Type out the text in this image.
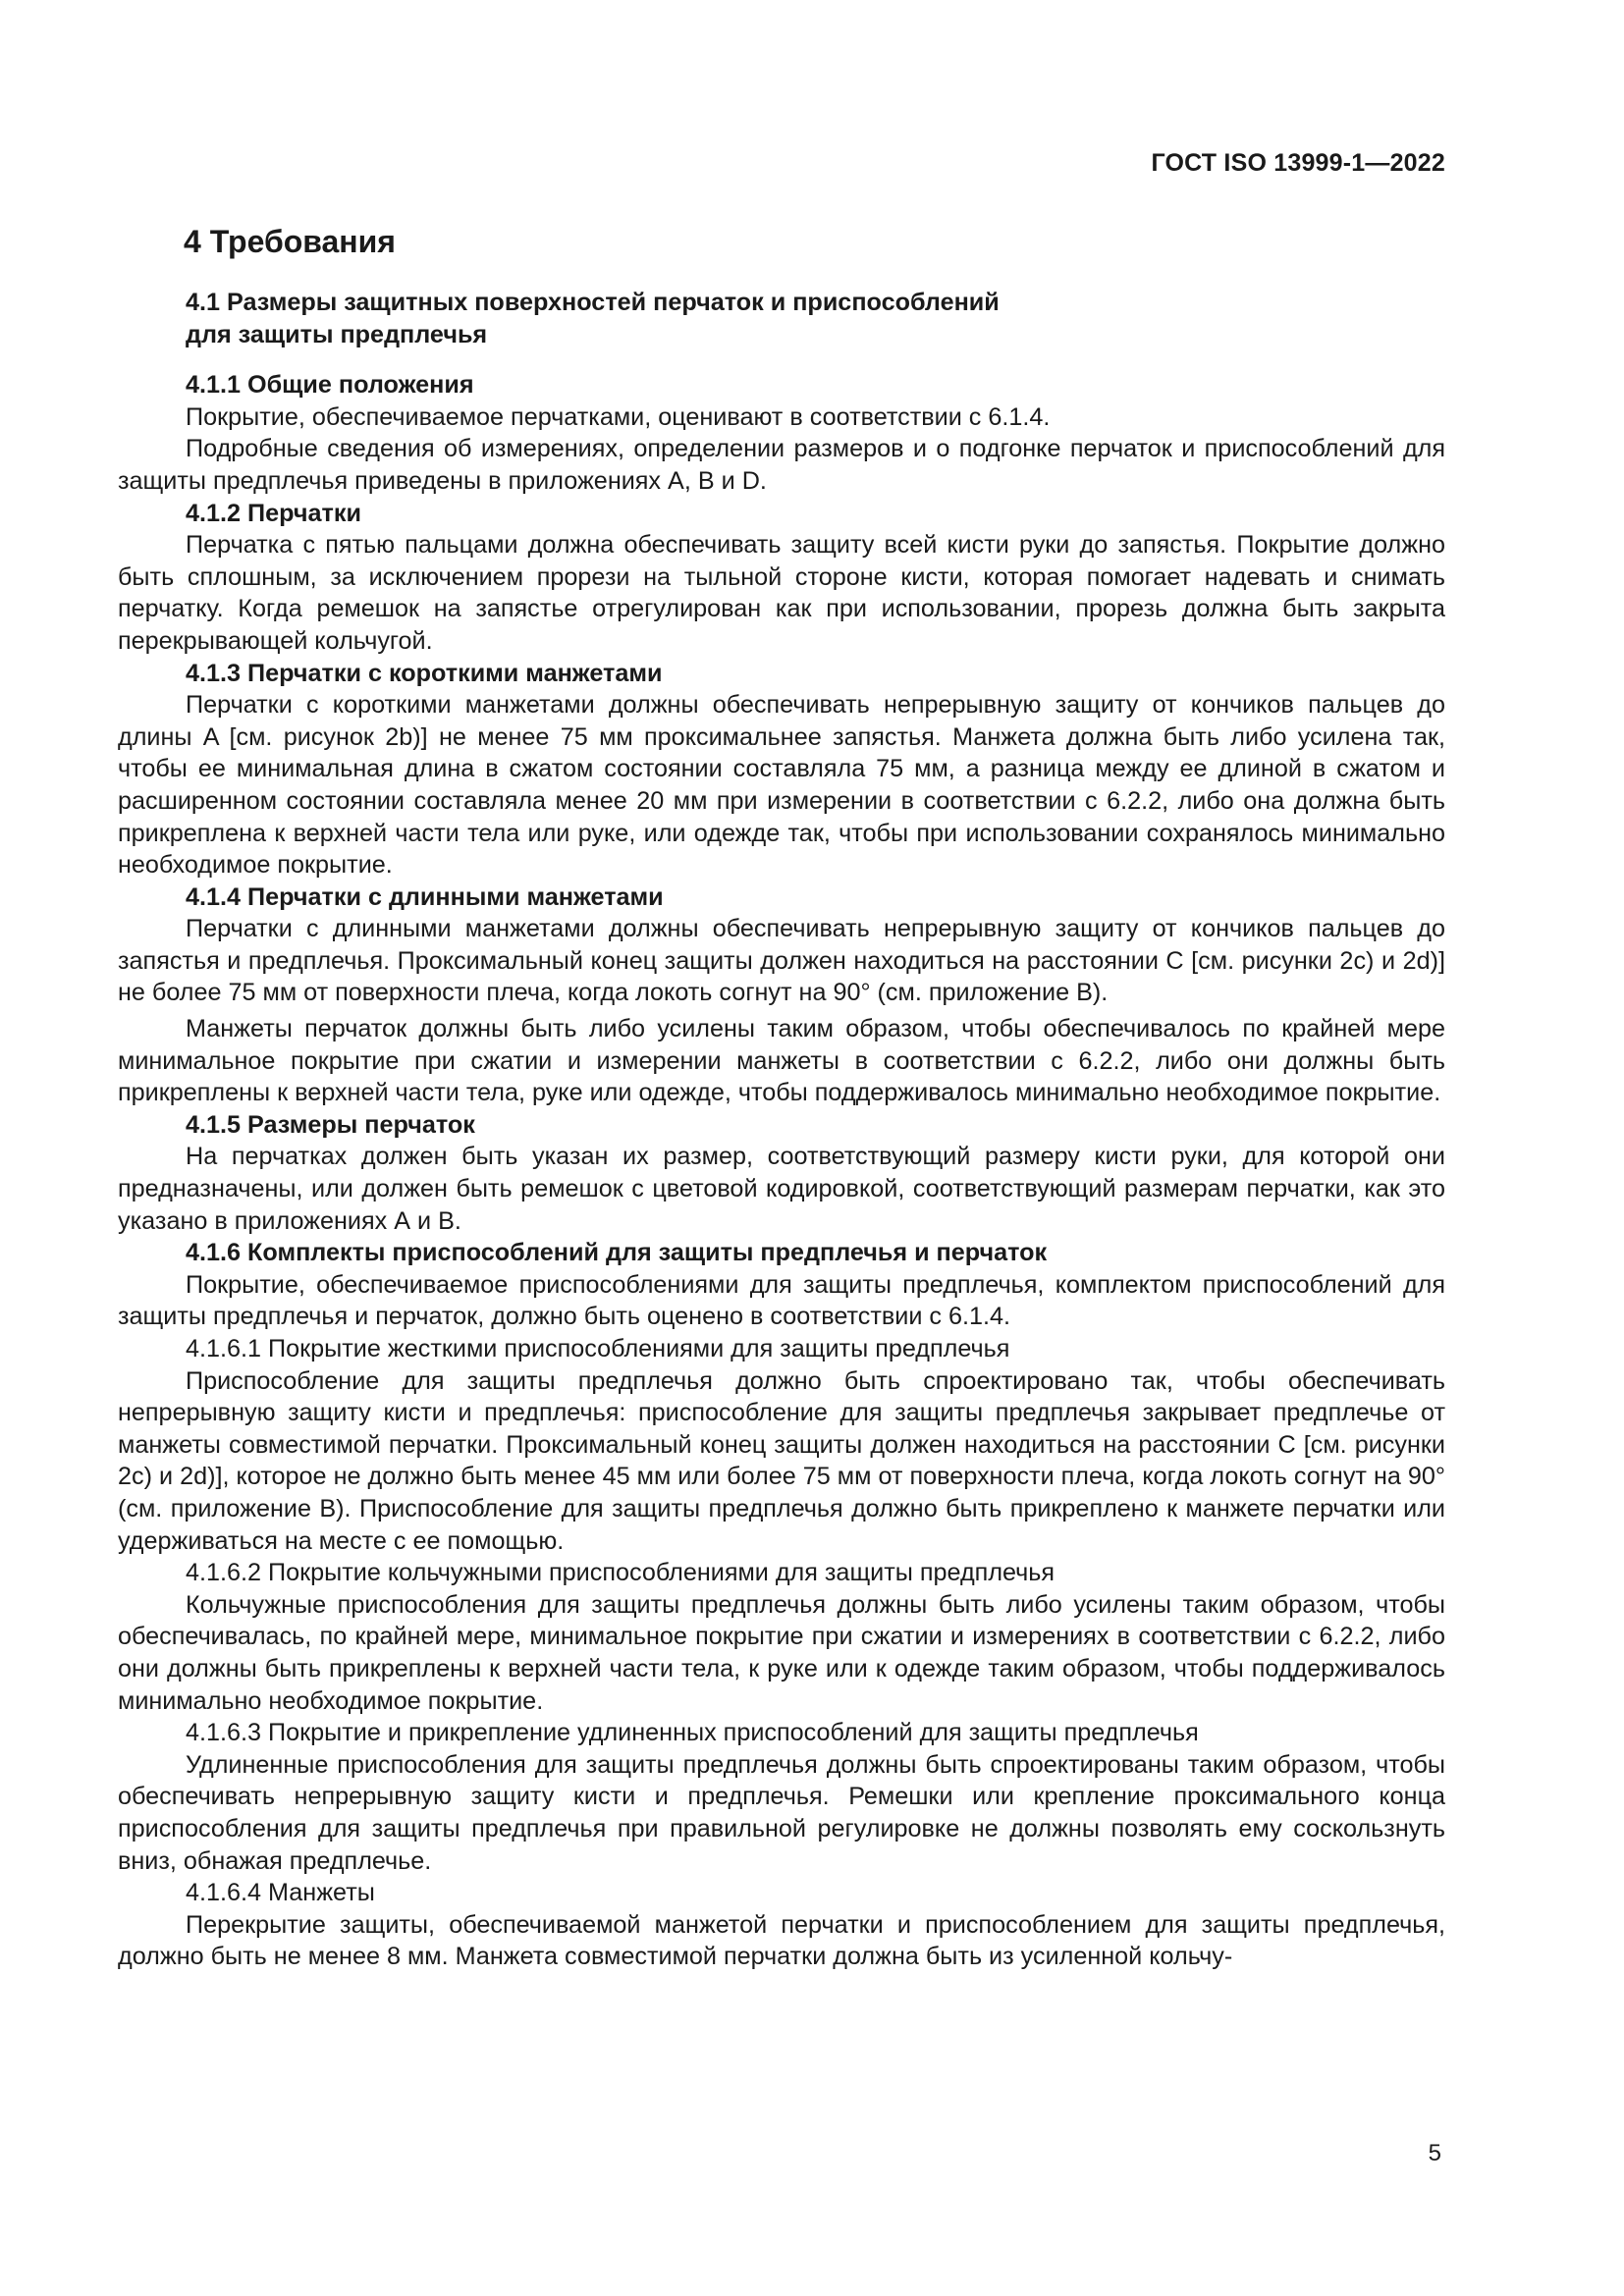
ГОСТ ISO 13999-1—2022
4 Требования
4.1 Размеры защитных поверхностей перчаток и приспособлений
для защиты предплечья
4.1.1 Общие положения

Покрытие, обеспечиваемое перчатками, оценивают в соответствии с 6.1.4.

Подробные сведения об измерениях, определении размеров и о подгонке перчаток и приспособлений для защиты предплечья приведены в приложениях А, В и D.

4.1.2 Перчатки

Перчатка с пятью пальцами должна обеспечивать защиту всей кисти руки до запястья. Покрытие должно быть сплошным, за исключением прорези на тыльной стороне кисти, которая помогает надевать и снимать перчатку. Когда ремешок на запястье отрегулирован как при использовании, прорезь должна быть закрыта перекрывающей кольчугой.

4.1.3 Перчатки с короткими манжетами

Перчатки с короткими манжетами должны обеспечивать непрерывную защиту от кончиков пальцев до длины A [см. рисунок 2b)] не менее 75 мм проксимальнее запястья. Манжета должна быть либо усилена так, чтобы ее минимальная длина в сжатом состоянии составляла 75 мм, а разница между ее длиной в сжатом и расширенном состоянии составляла менее 20 мм при измерении в соответствии с 6.2.2, либо она должна быть прикреплена к верхней части тела или руке, или одежде так, чтобы при использовании сохранялось минимально необходимое покрытие.

4.1.4 Перчатки с длинными манжетами

Перчатки с длинными манжетами должны обеспечивать непрерывную защиту от кончиков пальцев до запястья и предплечья. Проксимальный конец защиты должен находиться на расстоянии C [см. рисунки 2c) и 2d)] не более 75 мм от поверхности плеча, когда локоть согнут на 90° (см. приложение В).

Манжеты перчаток должны быть либо усилены таким образом, чтобы обеспечивалось по крайней мере минимальное покрытие при сжатии и измерении манжеты в соответствии с 6.2.2, либо они должны быть прикреплены к верхней части тела, руке или одежде, чтобы поддерживалось минимально необходимое покрытие.

4.1.5 Размеры перчаток

На перчатках должен быть указан их размер, соответствующий размеру кисти руки, для которой они предназначены, или должен быть ремешок с цветовой кодировкой, соответствующий размерам перчатки, как это указано в приложениях А и В.

4.1.6 Комплекты приспособлений для защиты предплечья и перчаток

Покрытие, обеспечиваемое приспособлениями для защиты предплечья, комплектом приспособлений для защиты предплечья и перчаток, должно быть оценено в соответствии с 6.1.4.

4.1.6.1 Покрытие жесткими приспособлениями для защиты предплечья

Приспособление для защиты предплечья должно быть спроектировано так, чтобы обеспечивать непрерывную защиту кисти и предплечья: приспособление для защиты предплечья закрывает предплечье от манжеты совместимой перчатки. Проксимальный конец защиты должен находиться на расстоянии C [см. рисунки 2c) и 2d)], которое не должно быть менее 45 мм или более 75 мм от поверхности плеча, когда локоть согнут на 90° (см. приложение В). Приспособление для защиты предплечья должно быть прикреплено к манжете перчатки или удерживаться на месте с ее помощью.

4.1.6.2 Покрытие кольчужными приспособлениями для защиты предплечья

Кольчужные приспособления для защиты предплечья должны быть либо усилены таким образом, чтобы обеспечивалась, по крайней мере, минимальное покрытие при сжатии и измерениях в соответствии с 6.2.2, либо они должны быть прикреплены к верхней части тела, к руке или к одежде таким образом, чтобы поддерживалось минимально необходимое покрытие.

4.1.6.3 Покрытие и прикрепление удлиненных приспособлений для защиты предплечья

Удлиненные приспособления для защиты предплечья должны быть спроектированы таким образом, чтобы обеспечивать непрерывную защиту кисти и предплечья. Ремешки или крепление проксимального конца приспособления для защиты предплечья при правильной регулировке не должны позволять ему соскользнуть вниз, обнажая предплечье.

4.1.6.4 Манжеты

Перекрытие защиты, обеспечиваемой манжетой перчатки и приспособлением для защиты предплечья, должно быть не менее 8 мм. Манжета совместимой перчатки должна быть из усиленной кольчу-

5
